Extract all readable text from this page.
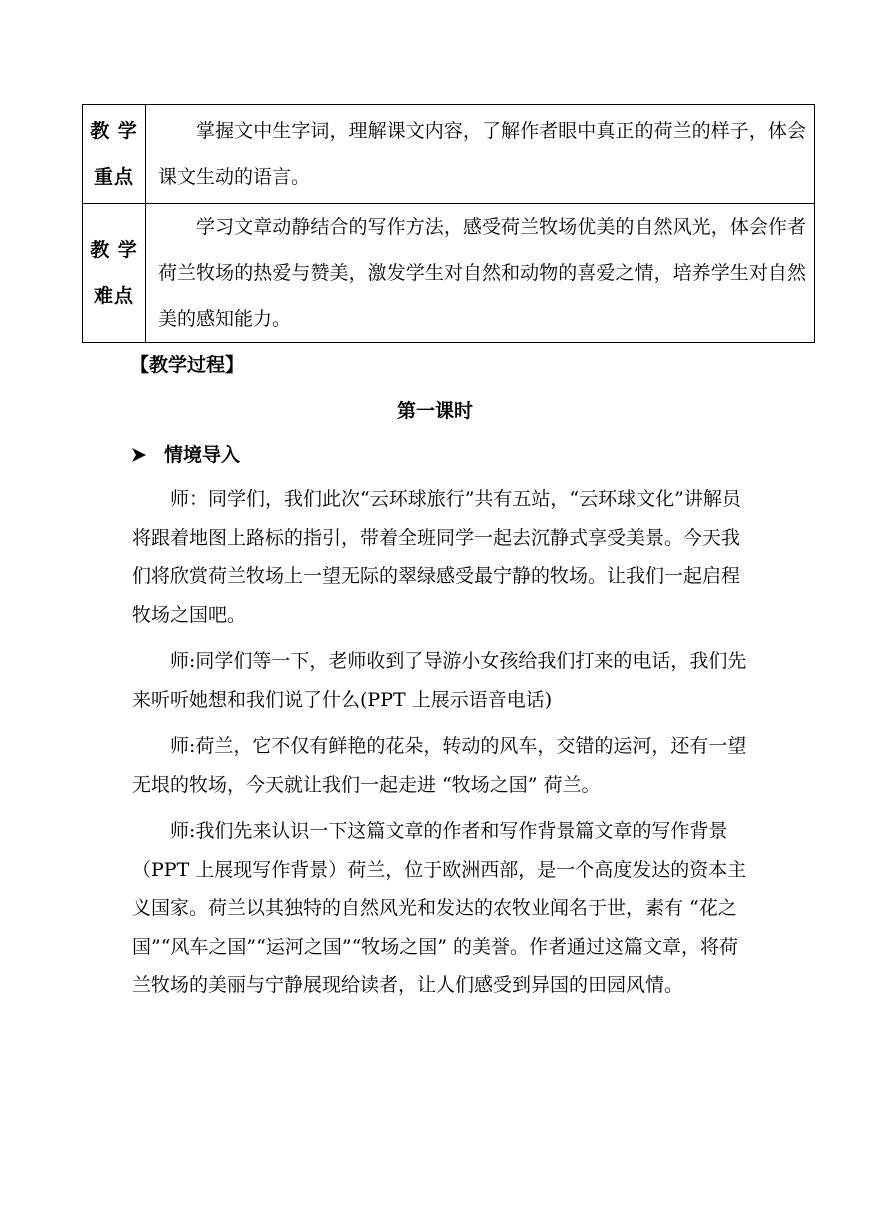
教 学
重点	掌握文中生字词，理解课文内容，了解作者眼中真正的荷兰的样子，体会课文生动的语言。

教 学
难点	学习文章动静结合的写作方法，感受荷兰牧场优美的自然风光，体会作者荷兰牧场的热爱与赞美，激发学生对自然和动物的喜爱之情，培养学生对自然美的感知能力。

【教学过程】
第一课时
情境导入

师：同学们，我们此次“云环球旅行”共有五站，“云环球文化”讲解员将跟着地图上路标的指引，带着全班同学一起去沉静式享受美景。今天我们将欣赏荷兰牧场上一望无际的翠绿感受最宁静的牧场。让我们一起启程牧场之国吧。

师:同学们等一下，老师收到了导游小女孩给我们打来的电话，我们先来听听她想和我们说了什么(PPT 上展示语音电话)

师:荷兰，它不仅有鲜艳的花朵，转动的风车，交错的运河，还有一望无垠的牧场，今天就让我们一起走进 “牧场之国” 荷兰。

师:我们先来认识一下这篇文章的作者和写作背景篇文章的写作背景（PPT 上展现写作背景）荷兰，位于欧洲西部，是一个高度发达的资本主义国家。荷兰以其独特的自然风光和发达的农牧业闻名于世，素有 “花之国”“风车之国”“运河之国”“牧场之国” 的美誉。作者通过这篇文章，将荷兰牧场的美丽与宁静展现给读者，让人们感受到异国的田园风情。
